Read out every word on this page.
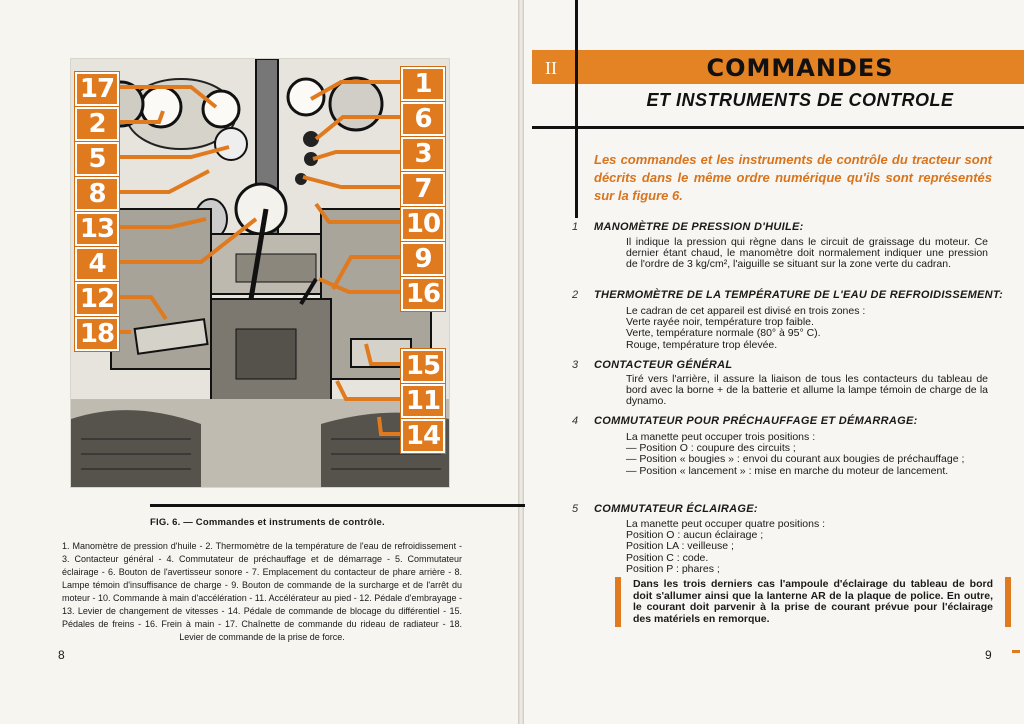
17
2
5
8
13
4
12
18
1
6
3
7
10
9
16
15
11
14
FIG. 6. — Commandes et instruments de contrôle.
1. Manomètre de pression d'huile - 2. Thermomètre de la température de l'eau de refroidissement - 3. Contacteur général - 4. Commutateur de préchauffage et de démarrage - 5. Commutateur éclairage - 6. Bouton de l'avertisseur sonore - 7. Emplacement du contacteur de phare arrière - 8. Lampe témoin d'insuffisance de charge - 9. Bouton de commande de la surcharge et de l'arrêt du moteur - 10. Commande à main d'accélération - 11. Accélérateur au pied - 12. Pédale d'embrayage - 13. Levier de changement de vitesses - 14. Pédale de commande de blocage du différentiel - 15. Pédales de freins - 16. Frein à main - 17. Chaînette de commande du rideau de radiateur - 18. Levier de commande de la prise de force.
8
II	COMMANDES
ET INSTRUMENTS DE CONTROLE
Les commandes et les instruments de contrôle du tracteur sont décrits dans le même ordre numérique qu'ils sont représentés sur la figure 6.
1	MANOMÈTRE DE PRESSION D'HUILE:
Il indique la pression qui règne dans le circuit de graissage du moteur. Ce dernier étant chaud, le manomètre doit normalement indiquer une pression de l'ordre de 3 kg/cm², l'aiguille se situant sur la zone verte du cadran.
2	THERMOMÈTRE DE LA TEMPÉRATURE DE L'EAU DE REFROIDISSEMENT:
Le cadran de cet appareil est divisé en trois zones :
Verte rayée noir, température trop faible.
Verte, température normale (80° à 95° C).
Rouge, température trop élevée.
3	CONTACTEUR GÉNÉRAL
Tiré vers l'arrière, il assure la liaison de tous les contacteurs du tableau de bord avec la borne + de la batterie et allume la lampe témoin de charge de la dynamo.
4	COMMUTATEUR POUR PRÉCHAUFFAGE ET DÉMARRAGE:
La manette peut occuper trois positions :
— Position O : coupure des circuits ;
— Position « bougies » : envoi du courant aux bougies de préchauffage ;
— Position « lancement » : mise en marche du moteur de lancement.
5	COMMUTATEUR ÉCLAIRAGE:
La manette peut occuper quatre positions :
Position O : aucun éclairage ;
Position LA : veilleuse ;
Position C : code.
Position P : phares ;
Dans les trois derniers cas l'ampoule d'éclairage du tableau de bord doit s'allumer ainsi que la lanterne AR de la plaque de police. En outre, le courant doit parvenir à la prise de courant prévue pour l'éclairage des matériels en remorque.
9
